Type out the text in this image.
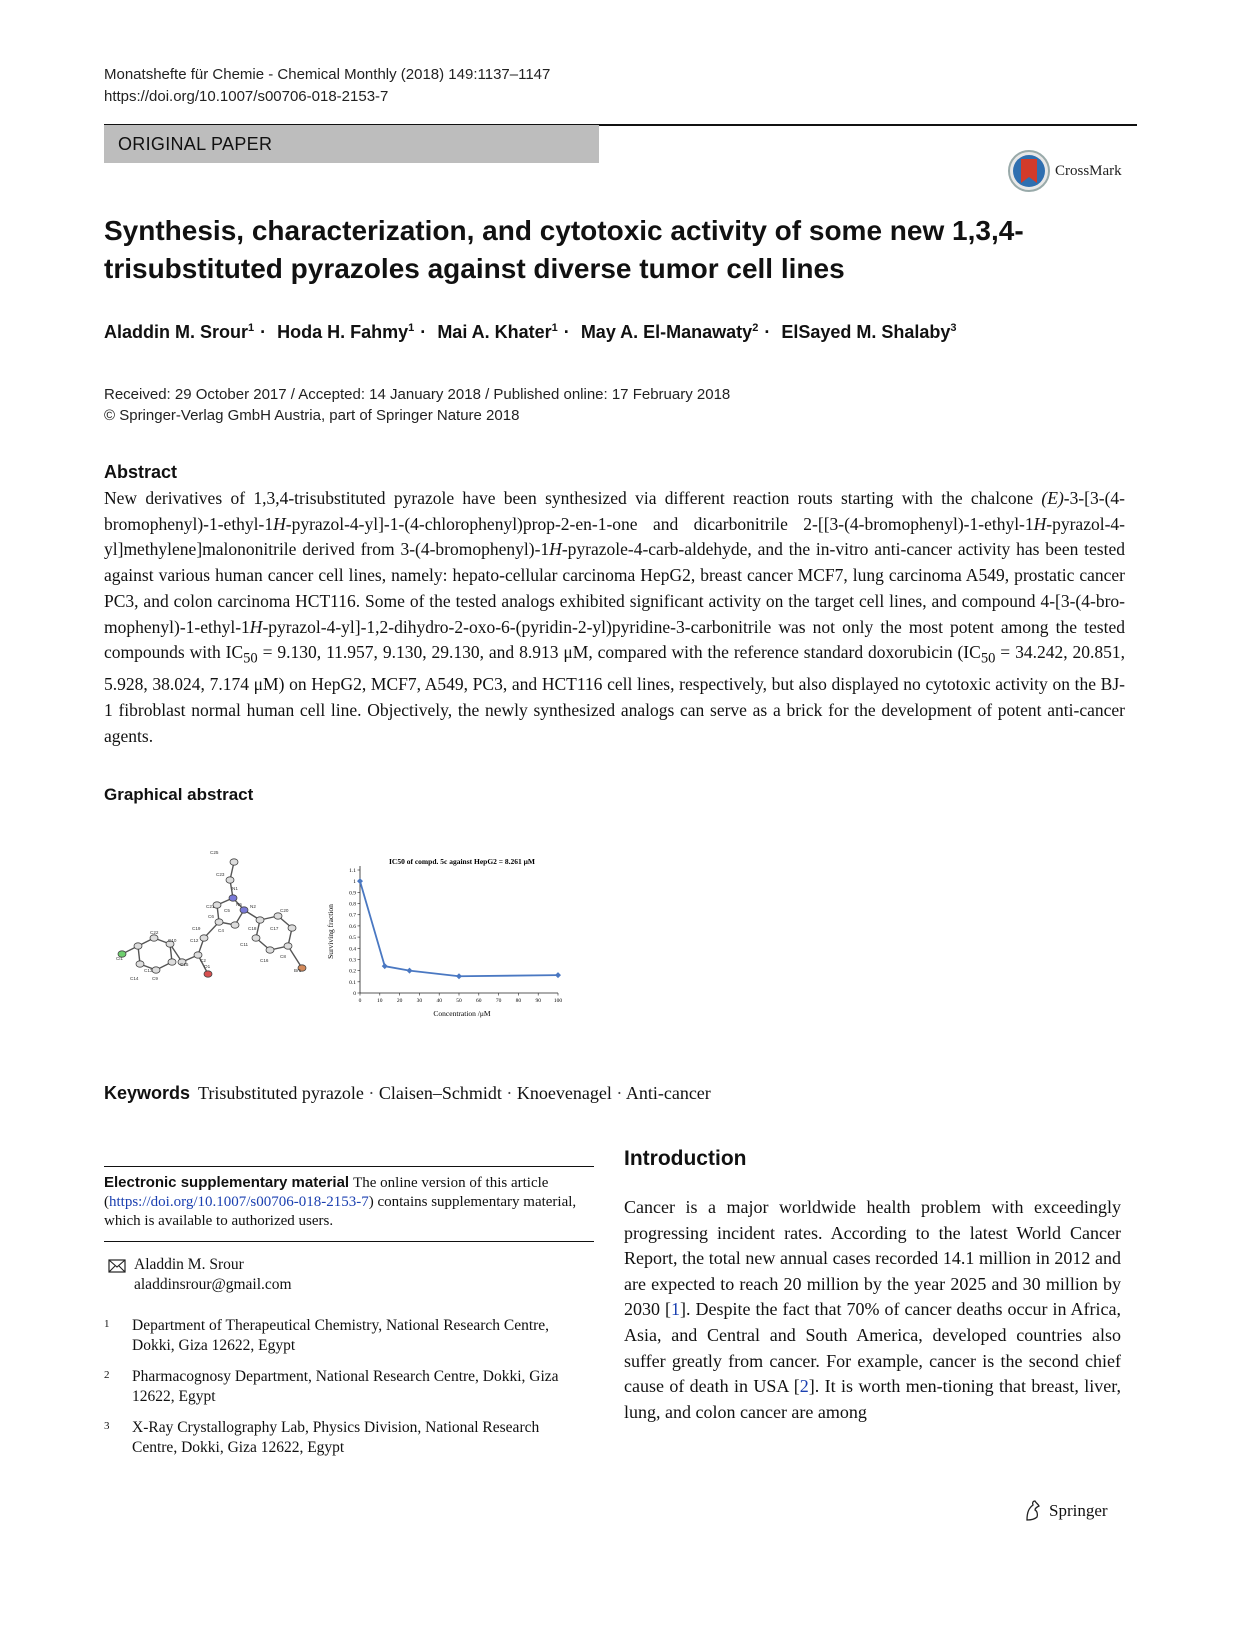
Monatshefte für Chemie - Chemical Monthly (2018) 149:1137–1147
https://doi.org/10.1007/s00706-018-2153-7
ORIGINAL PAPER
CrossMark
Synthesis, characterization, and cytotoxic activity of some new 1,3,4-trisubstituted pyrazoles against diverse tumor cell lines
Aladdin M. Srour$^1$ · Hoda H. Fahmy$^1$ · Mai A. Khater$^1$ · May A. El-Manawaty$^2$ · ElSayed M. Shalaby$^3$
Received: 29 October 2017 / Accepted: 14 January 2018 / Published online: 17 February 2018
© Springer-Verlag GmbH Austria, part of Springer Nature 2018
Abstract
New derivatives of 1,3,4-trisubstituted pyrazole have been synthesized via different reaction routs starting with the chalcone (E)-3-[3-(4-bromophenyl)-1-ethyl-1H-pyrazol-4-yl]-1-(4-chlorophenyl)prop-2-en-1-one and dicarbonitrile 2-[[3-(4-bromophenyl)-1-ethyl-1H-pyrazol-4-yl]methylene]malononitrile derived from 3-(4-bromophenyl)-1H-pyrazole-4-carb-aldehyde, and the in-vitro anti-cancer activity has been tested against various human cancer cell lines, namely: hepato-cellular carcinoma HepG2, breast cancer MCF7, lung carcinoma A549, prostatic cancer PC3, and colon carcinoma HCT116. Some of the tested analogs exhibited significant activity on the target cell lines, and compound 4-[3-(4-bro-mophenyl)-1-ethyl-1H-pyrazol-4-yl]-1,2-dihydro-2-oxo-6-(pyridin-2-yl)pyridine-3-carbonitrile was not only the most potent among the tested compounds with $IC_{50} = 9.130$, 11.957, 9.130, 29.130, and 8.913 μM, compared with the reference standard doxorubicin ($IC_{50} = 34.242$, 20.851, 5.928, 38.024, 7.174 μM) on HepG2, MCF7, A549, PC3, and HCT116 cell lines, respectively, but also displayed no cytotoxic activity on the BJ-1 fibroblast normal human cell line. Objectively, the newly synthesized analogs can serve as a brick for the development of potent anti-cancer agents.
Graphical abstract
C25
C23
N1
N2
C21
C20
C19	C17
C18
C22
C12
C11
C10
C2	C16
C8
C9
C14
C13
C15
Br1
Cl1
O1
N5
C4
C5
C6
IC50 of compd. 5c against HepG2 = 8.261 μM
Surviving fraction
Concentration /μM
0
0.1
0.2
0.3
0.4
0.5
0.6
0.7
0.8
0.9
1
1.1
0	10	20	30	40	50	60	70	80	90 100
Keywords Trisubstituted pyrazole · Claisen–Schmidt · Knoevenagel · Anti-cancer
Electronic supplementary material The online version of this article (https://doi.org/10.1007/s00706-018-2153-7) contains supplementary material, which is available to authorized users.
Aladdin M. Srour
aladdinsrour@gmail.com
1 Department of Therapeutical Chemistry, National Research Centre, Dokki, Giza 12622, Egypt
2 Pharmacognosy Department, National Research Centre, Dokki, Giza 12622, Egypt
3 X-Ray Crystallography Lab, Physics Division, National Research Centre, Dokki, Giza 12622, Egypt
Introduction
Cancer is a major worldwide health problem with exceedingly progressing incident rates. According to the latest World Cancer Report, the total new annual cases recorded 14.1 million in 2012 and are expected to reach 20 million by the year 2025 and 30 million by 2030 [1]. Despite the fact that 70% of cancer deaths occur in Africa, Asia, and Central and South America, developed countries also suffer greatly from cancer. For example, cancer is the second chief cause of death in USA [2]. It is worth men-tioning that breast, liver, lung, and colon cancer are among
Springer
